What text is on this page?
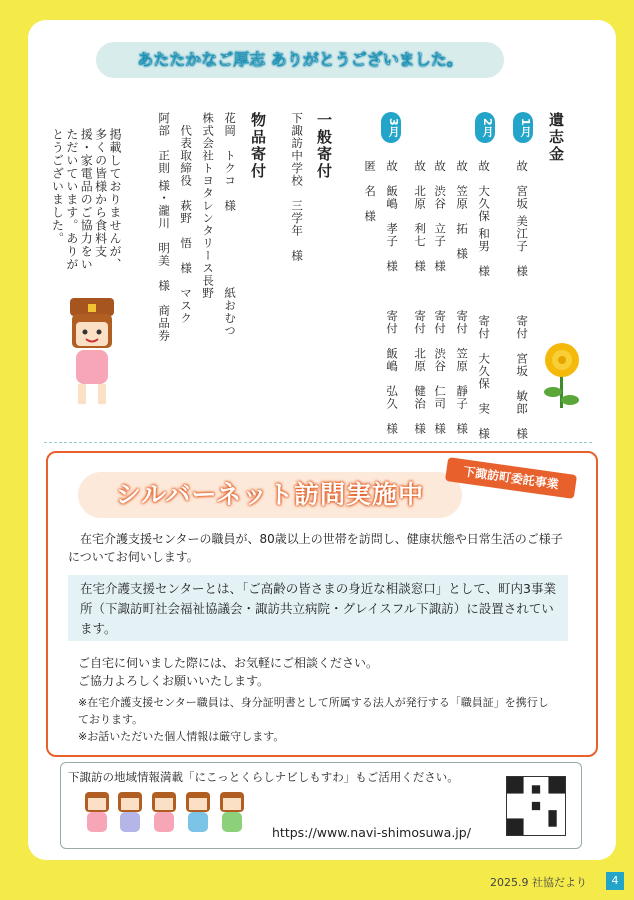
あたたかなご厚志 ありがとうございました。
遺志金
1月
2月
3月
故　宮坂 美江子　様　　　寄付　宮坂　敏郎　様
故　大久保 和男　様　　　寄付　大久保　実　様
故　笠原　拓　様　　　　寄付　笠原　靜子　様
故　渋谷　立子　様　　　寄付　渋谷　仁司　様
故　北原　利七　様　　　寄付　北原　健治　様
故　飯嶋　孝子　様　　　寄付　飯嶋　弘久　様
匿　名　様
一般寄付
下諏訪中学校　三学年　様
物品寄付
花岡　トクコ　様　　　　　　紙おむつ
株式会社トヨタレンタリース長野
　代表取締役　萩野　悟　様　マスク
阿部　正則 様・瀧川　明美　様　商品券
掲載しておりませんが、多くの皆様から食料支援・家電品のご協力をいただいています。ありがとうございました。
シルバーネット訪問実施中
下諏訪町委託事業
在宅介護支援センターの職員が、80歳以上の世帯を訪問し、健康状態や日常生活のご様子についてお伺いします。
在宅介護支援センターとは、「ご高齢の皆さまの身近な相談窓口」として、町内3事業所（下諏訪町社会福祉協議会・諏訪共立病院・グレイスフル下諏訪）に設置されています。
ご自宅に伺いました際には、お気軽にご相談ください。
ご協力よろしくお願いいたします。
※在宅介護支援センター職員は、身分証明書として所属する法人が発行する「職員証」を携行しております。
※お話いただいた個人情報は厳守します。
下諏訪の地域情報満載「にこっとくらしナビしもすわ」もご活用ください。
https://www.navi-shimosuwa.jp/
2025.9 社協だより	4
